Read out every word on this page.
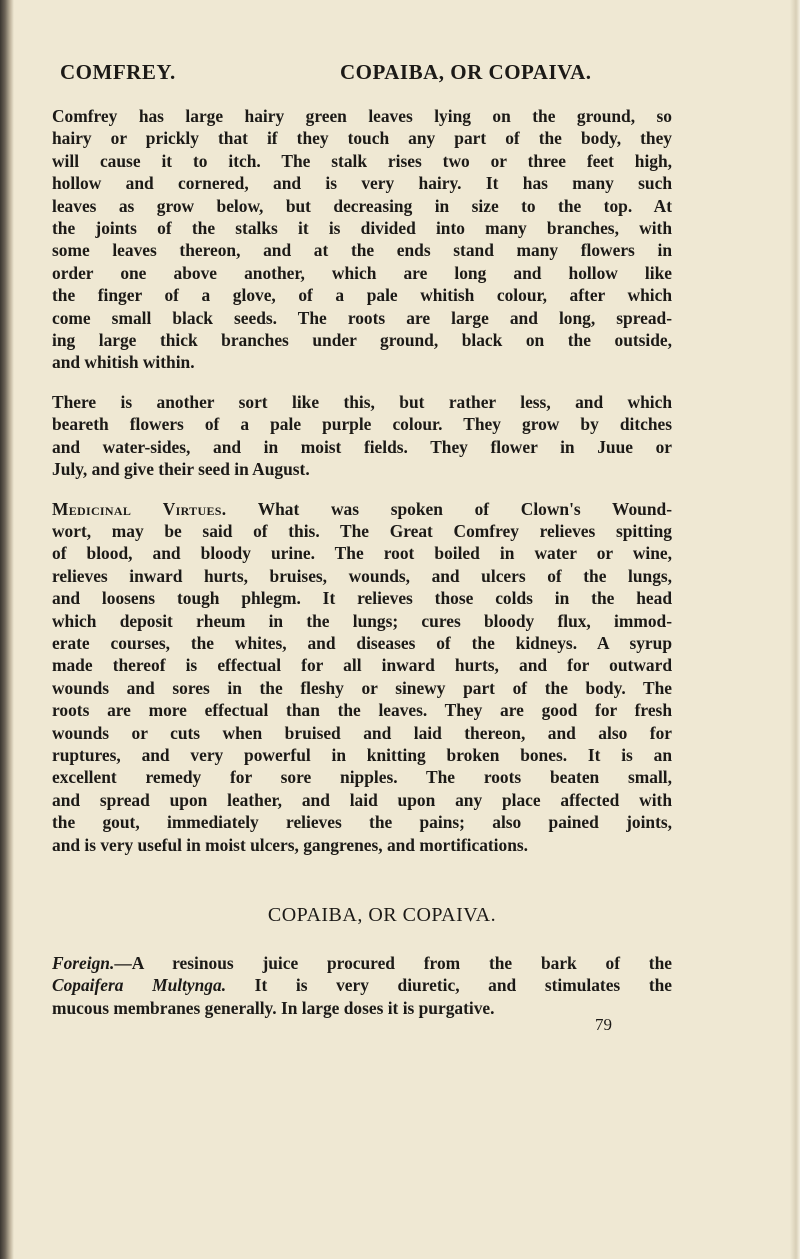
COMFREY.	COPAIBA, OR COPAIVA.
Comfrey has large hairy green leaves lying on the ground, so
hairy or prickly that if they touch any part of the body, they
will cause it to itch. The stalk rises two or three feet high,
hollow and cornered, and is very hairy. It has many such
leaves as grow below, but decreasing in size to the top. At
the joints of the stalks it is divided into many branches, with
some leaves thereon, and at the ends stand many flowers in
order one above another, which are long and hollow like
the finger of a glove, of a pale whitish colour, after which
come small black seeds. The roots are large and long, spread-
ing large thick branches under ground, black on the outside,
and whitish within.
There is another sort like this, but rather less, and which
beareth flowers of a pale purple colour. They grow by ditches
and water-sides, and in moist fields. They flower in Juue or
July, and give their seed in August.
Medicinal Virtues. What was spoken of Clown's Wound-
wort, may be said of this. The Great Comfrey relieves spitting
of blood, and bloody urine. The root boiled in water or wine,
relieves inward hurts, bruises, wounds, and ulcers of the lungs,
and loosens tough phlegm. It relieves those colds in the head
which deposit rheum in the lungs; cures bloody flux, immod-
erate courses, the whites, and diseases of the kidneys. A syrup
made thereof is effectual for all inward hurts, and for outward
wounds and sores in the fleshy or sinewy part of the body. The
roots are more effectual than the leaves. They are good for fresh
wounds or cuts when bruised and laid thereon, and also for
ruptures, and very powerful in knitting broken bones. It is an
excellent remedy for sore nipples. The roots beaten small,
and spread upon leather, and laid upon any place affected with
the gout, immediately relieves the pains; also pained joints,
and is very useful in moist ulcers, gangrenes, and mortifications.
COPAIBA, OR COPAIVA.
Foreign.—A resinous juice procured from the bark of the
Copaifera Multynga. It is very diuretic, and stimulates the
mucous membranes generally. In large doses it is purgative.
79
